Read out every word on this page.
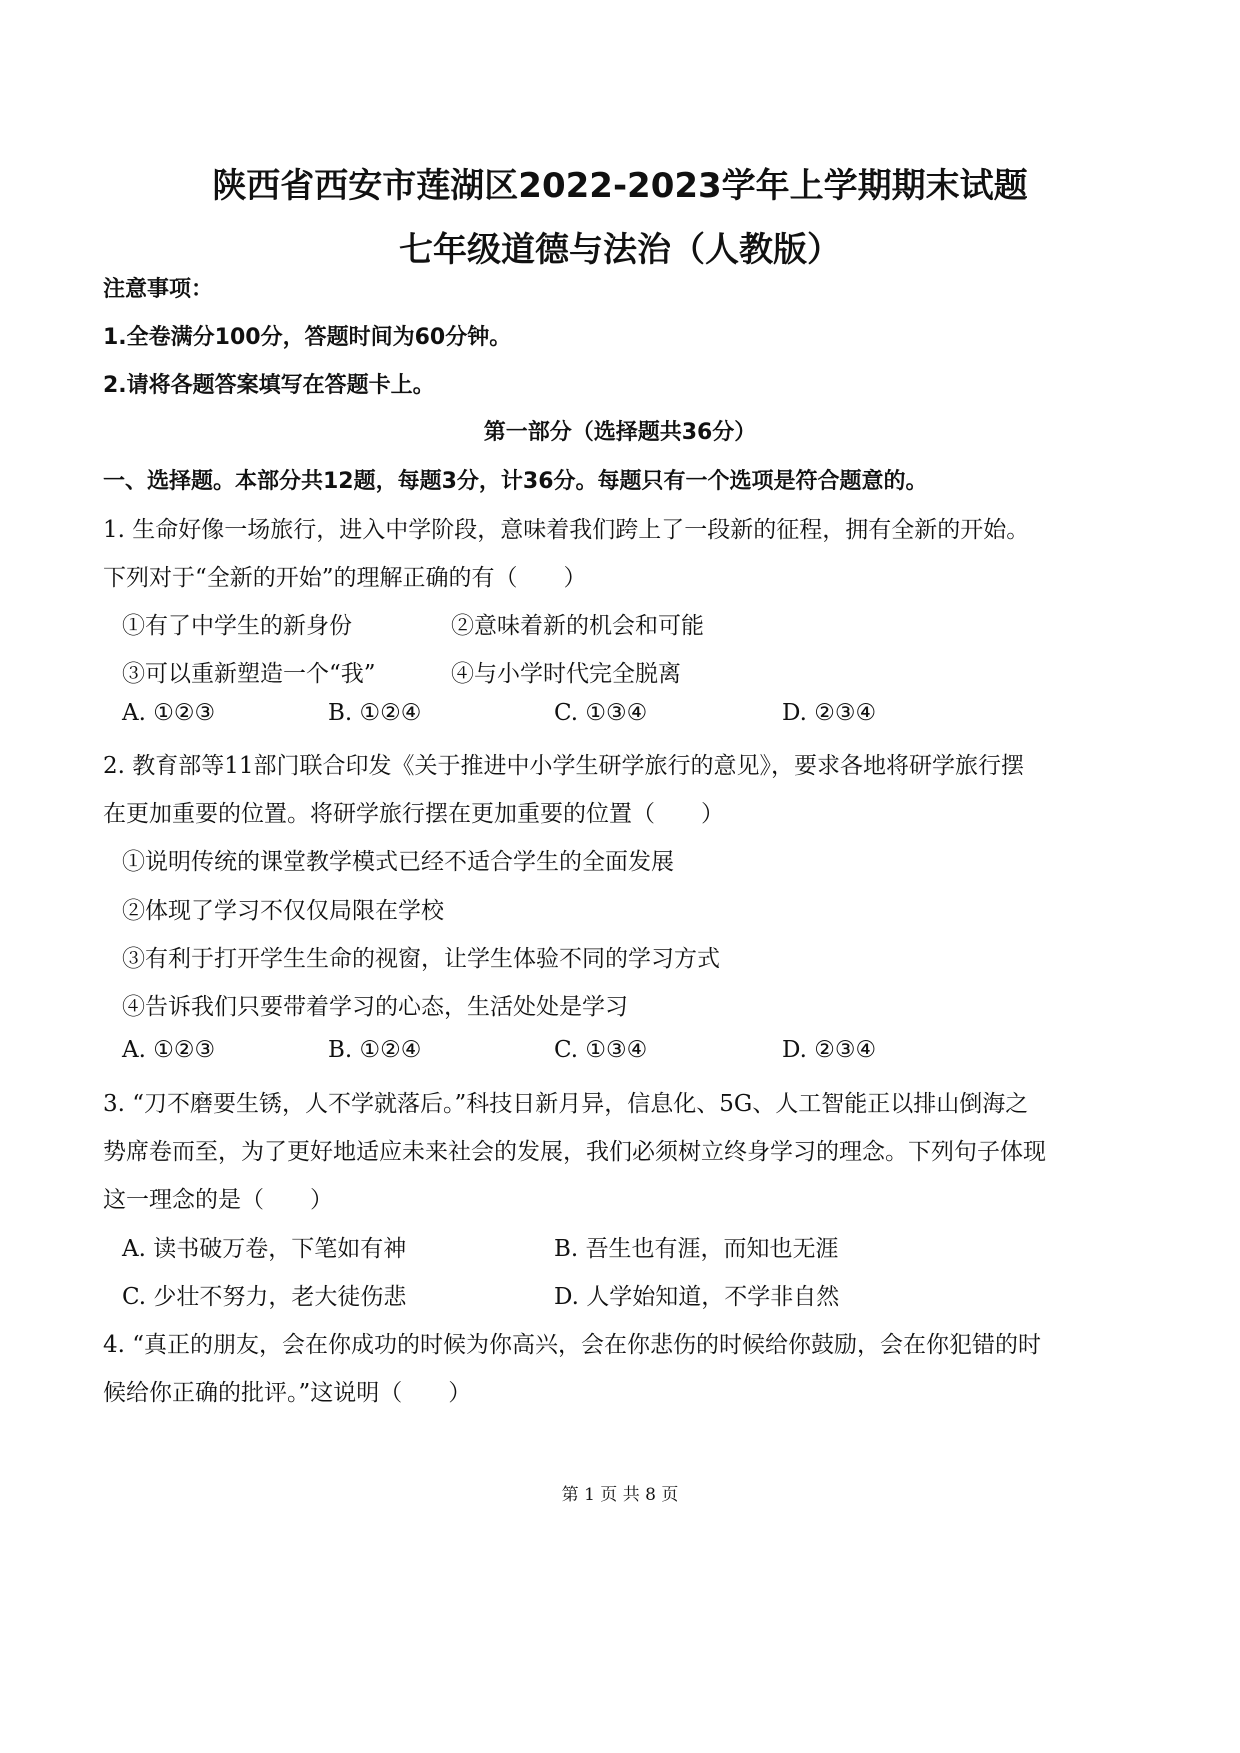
陕西省西安市莲湖区2022-2023学年上学期期末试题
七年级道德与法治（人教版）
注意事项：
1.全卷满分100分，答题时间为60分钟。
2.请将各题答案填写在答题卡上。
第一部分（选择题共36分）
一、选择题。本部分共12题，每题3分，计36分。每题只有一个选项是符合题意的。
1. 生命好像一场旅行，进入中学阶段，意味着我们跨上了一段新的征程，拥有全新的开始。
下列对于“全新的开始”的理解正确的有（　　）
①有了中学生的新身份	②意味着新的机会和可能
③可以重新塑造一个“我”	④与小学时代完全脱离
A. ①②③	B. ①②④	C. ①③④	D. ②③④
2. 教育部等11部门联合印发《关于推进中小学生研学旅行的意见》，要求各地将研学旅行摆
在更加重要的位置。将研学旅行摆在更加重要的位置（　　）
①说明传统的课堂教学模式已经不适合学生的全面发展
②体现了学习不仅仅局限在学校
③有利于打开学生生命的视窗，让学生体验不同的学习方式
④告诉我们只要带着学习的心态，生活处处是学习
A. ①②③	B. ①②④	C. ①③④	D. ②③④
3. “刀不磨要生锈，人不学就落后。”科技日新月异，信息化、5G、人工智能正以排山倒海之
势席卷而至，为了更好地适应未来社会的发展，我们必须树立终身学习的理念。下列句子体现
这一理念的是（　　）
A. 读书破万卷，下笔如有神	B. 吾生也有涯，而知也无涯
C. 少壮不努力，老大徒伤悲	D. 人学始知道，不学非自然
4. “真正的朋友，会在你成功的时候为你高兴，会在你悲伤的时候给你鼓励，会在你犯错的时
候给你正确的批评。”这说明（　　）
第 1 页 共 8 页
